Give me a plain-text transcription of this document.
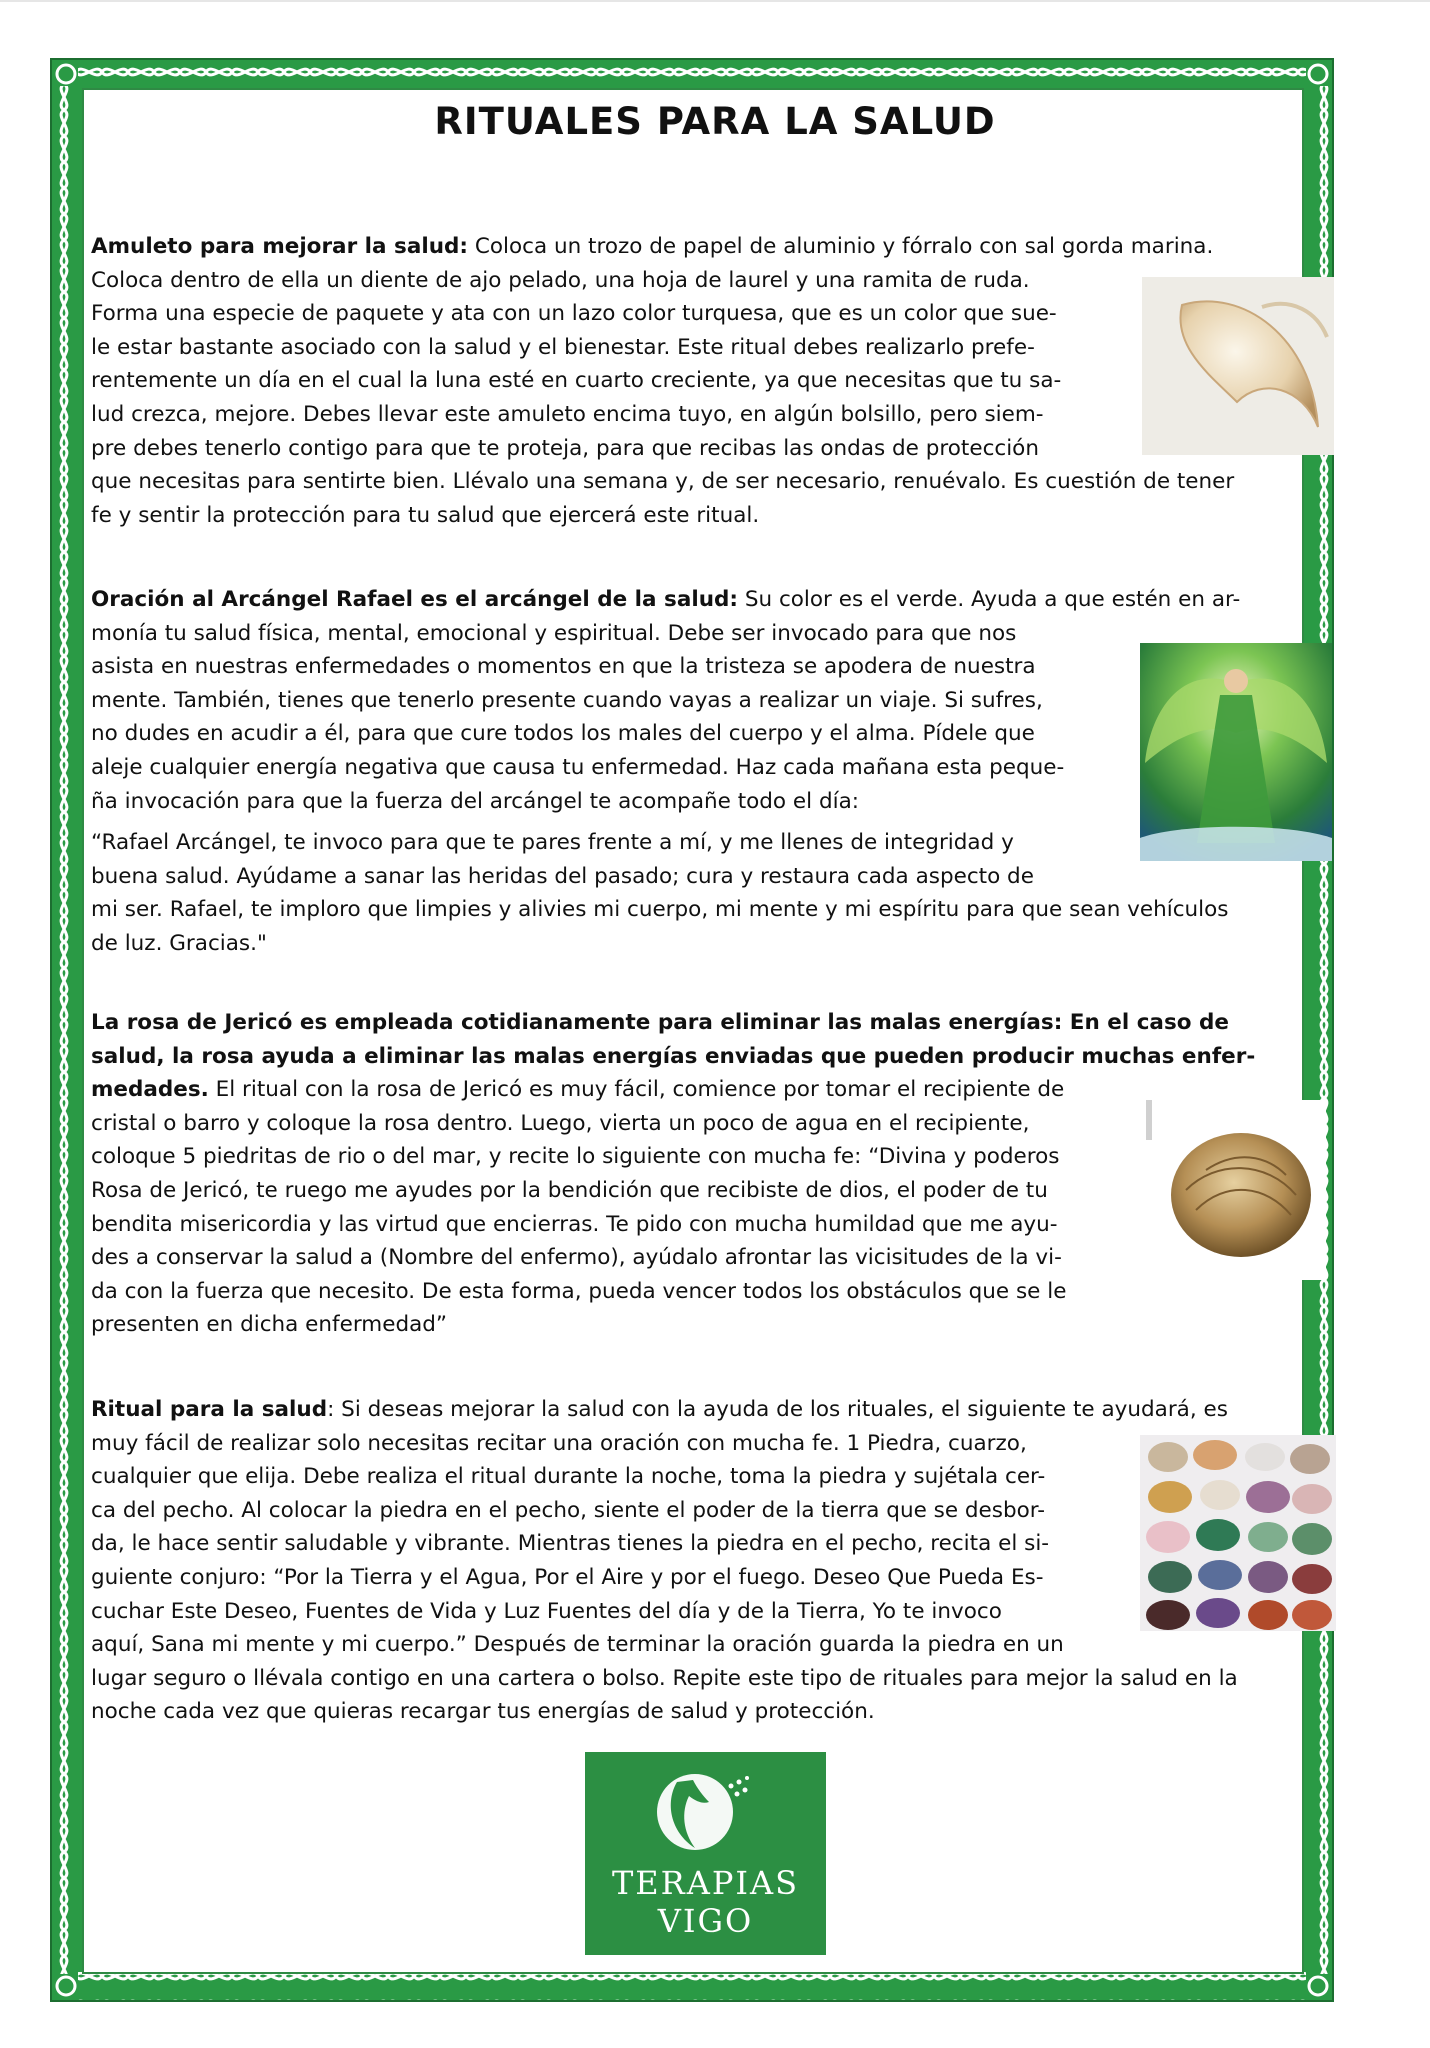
RITUALES PARA LA SALUD
Amuleto para mejorar la salud: Coloca un trozo de papel de aluminio y fórralo con sal gorda marina.
Coloca dentro de ella un diente de ajo pelado, una hoja de laurel y una ramita de ruda.
Forma una especie de paquete y ata con un lazo color turquesa, que es un color que sue-
le estar bastante asociado con la salud y el bienestar. Este ritual debes realizarlo prefe-
rentemente un día en el cual la luna esté en cuarto creciente, ya que necesitas que tu sa-
lud crezca, mejore. Debes llevar este amuleto encima tuyo, en algún bolsillo, pero siem-
pre debes tenerlo contigo para que te proteja, para que recibas las ondas de protección
que necesitas para sentirte bien. Llévalo una semana y, de ser necesario, renuévalo. Es cuestión de tener
fe y sentir la protección para tu salud que ejercerá este ritual.
Oración al Arcángel Rafael es el arcángel de la salud: Su color es el verde. Ayuda a que estén en ar-
monía tu salud física, mental, emocional y espiritual. Debe ser invocado para que nos
asista en nuestras enfermedades o momentos en que la tristeza se apodera de nuestra
mente. También, tienes que tenerlo presente cuando vayas a realizar un viaje. Si sufres,
no dudes en acudir a él, para que cure todos los males del cuerpo y el alma. Pídele que
aleje cualquier energía negativa que causa tu enfermedad. Haz cada mañana esta peque-
ña invocación para que la fuerza del arcángel te acompañe todo el día:
“Rafael Arcángel, te invoco para que te pares frente a mí, y me llenes de integridad y
buena salud. Ayúdame a sanar las heridas del pasado; cura y restaura cada aspecto de
mi ser. Rafael, te imploro que limpies y alivies mi cuerpo, mi mente y mi espíritu para que sean vehículos
de luz. Gracias."
La rosa de Jericó es empleada cotidianamente para eliminar las malas energías: En el caso de
salud, la rosa ayuda a eliminar las malas energías enviadas que pueden producir muchas enfer-
medades. El ritual con la rosa de Jericó es muy fácil, comience por tomar el recipiente de
cristal o barro y coloque la rosa dentro. Luego, vierta un poco de agua en el recipiente,
coloque 5 piedritas de rio o del mar, y recite lo siguiente con mucha fe: “Divina y poderos
Rosa de Jericó, te ruego me ayudes por la bendición que recibiste de dios, el poder de tu
bendita misericordia y las virtud que encierras. Te pido con mucha humildad que me ayu-
des a conservar la salud a (Nombre del enfermo), ayúdalo afrontar las vicisitudes de la vi-
da con la fuerza que necesito. De esta forma, pueda vencer todos los obstáculos que se le
presenten en dicha enfermedad”
Ritual para la salud: Si deseas mejorar la salud con la ayuda de los rituales, el siguiente te ayudará, es
muy fácil de realizar solo necesitas recitar una oración con mucha fe. 1 Piedra, cuarzo,
cualquier que elija. Debe realiza el ritual durante la noche, toma la piedra y sujétala cer-
ca del pecho. Al colocar la piedra en el pecho, siente el poder de la tierra que se desbor-
da, le hace sentir saludable y vibrante. Mientras tienes la piedra en el pecho, recita el si-
guiente conjuro: “Por la Tierra y el Agua, Por el Aire y por el fuego. Deseo Que Pueda Es-
cuchar Este Deseo, Fuentes de Vida y Luz Fuentes del día y de la Tierra, Yo te invoco
aquí, Sana mi mente y mi cuerpo.” Después de terminar la oración guarda la piedra en un
lugar seguro o llévala contigo en una cartera o bolso. Repite este tipo de rituales para mejor la salud en la
noche cada vez que quieras recargar tus energías de salud y protección.
TERAPIAS
VIGO
